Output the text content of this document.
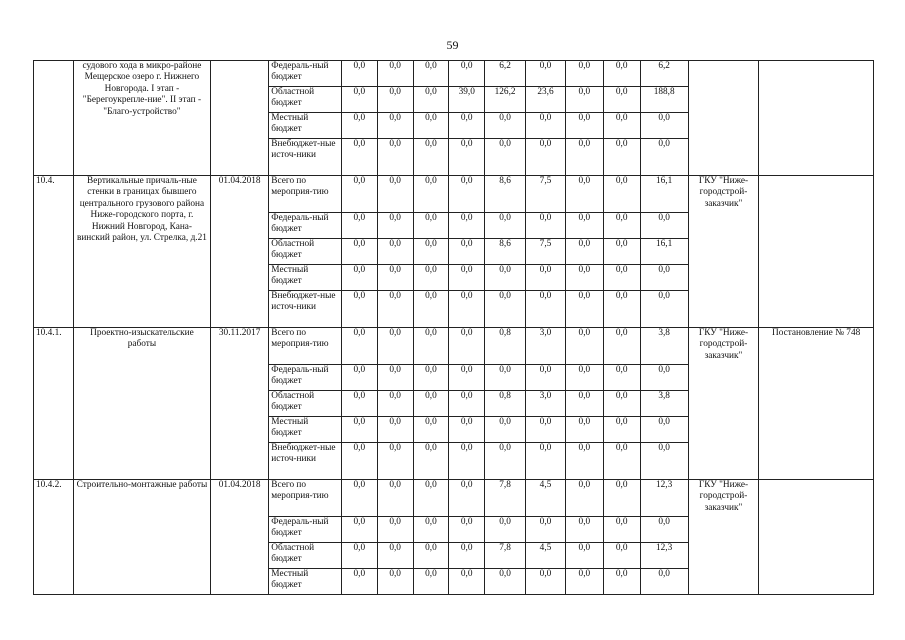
59
	судового хода в микро-районе Мещерское озеро г. Нижнего Новгорода. I этап - "Берегоукрепле-ние". II этап - "Благо-устройство"		Федераль-ный бюджет	0,0	0,0	0,0	0,0	6,2	0,0	0,0	0,0	6,2		
			Областной бюджет	0,0	0,0	0,0	39,0	126,2	23,6	0,0	0,0	188,8		
			Местный бюджет	0,0	0,0	0,0	0,0	0,0	0,0	0,0	0,0	0,0		
			Внебюджет-ные источ-ники	0,0	0,0	0,0	0,0	0,0	0,0	0,0	0,0	0,0		
10.4.	Вертикальные причаль-ные стенки в границах бывшего центрального грузового района Ниже-городского порта, г. Нижний Новгород, Кана-винский район, ул. Стрелка, д.21	01.04.2018	Всего по мероприя-тию	0,0	0,0	0,0	0,0	8,6	7,5	0,0	0,0	16,1	ГКУ "Ниже-городстрой-заказчик"	
			Федераль-ный бюджет	0,0	0,0	0,0	0,0	0,0	0,0	0,0	0,0	0,0		
			Областной бюджет	0,0	0,0	0,0	0,0	8,6	7,5	0,0	0,0	16,1		
			Местный бюджет	0,0	0,0	0,0	0,0	0,0	0,0	0,0	0,0	0,0		
			Внебюджет-ные источ-ники	0,0	0,0	0,0	0,0	0,0	0,0	0,0	0,0	0,0		
10.4.1.	Проектно-изыскательские работы	30.11.2017	Всего по мероприя-тию	0,0	0,0	0,0	0,0	0,8	3,0	0,0	0,0	3,8	ГКУ "Ниже-городстрой-заказчик"	Постановление № 748
			Федераль-ный бюджет	0,0	0,0	0,0	0,0	0,0	0,0	0,0	0,0	0,0		
			Областной бюджет	0,0	0,0	0,0	0,0	0,8	3,0	0,0	0,0	3,8		
			Местный бюджет	0,0	0,0	0,0	0,0	0,0	0,0	0,0	0,0	0,0		
			Внебюджет-ные источ-ники	0,0	0,0	0,0	0,0	0,0	0,0	0,0	0,0	0,0		
10.4.2.	Строительно-монтажные работы	01.04.2018	Всего по мероприя-тию	0,0	0,0	0,0	0,0	7,8	4,5	0,0	0,0	12,3	ГКУ "Ниже-городстрой-заказчик"	
			Федераль-ный бюджет	0,0	0,0	0,0	0,0	0,0	0,0	0,0	0,0	0,0		
			Областной бюджет	0,0	0,0	0,0	0,0	7,8	4,5	0,0	0,0	12,3		
			Местный бюджет	0,0	0,0	0,0	0,0	0,0	0,0	0,0	0,0	0,0		
